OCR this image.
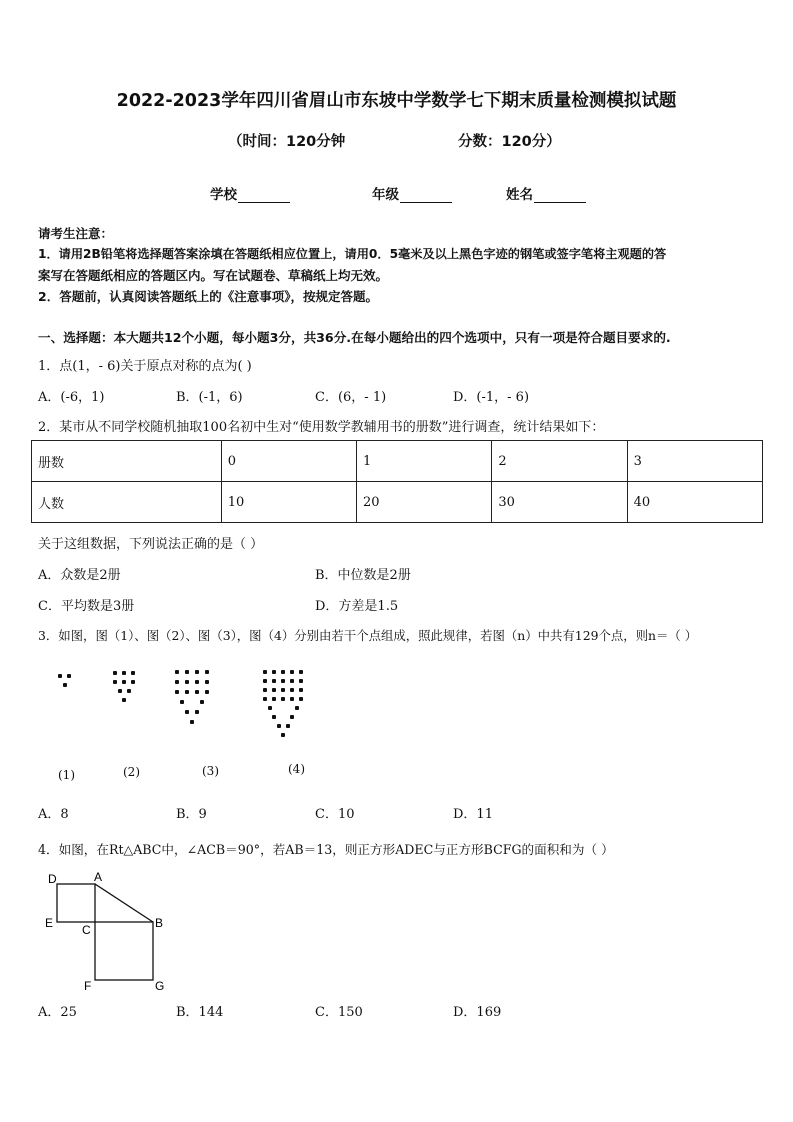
2022-2023学年四川省眉山市东坡中学数学七下期末质量检测模拟试题
（时间：120分钟	分数：120分）
学校	年级	姓名
请考生注意：
1．请用2B铅笔将选择题答案涂填在答题纸相应位置上，请用0．5毫米及以上黑色字迹的钢笔或签字笔将主观题的答
案写在答题纸相应的答题区内。写在试题卷、草稿纸上均无效。
2．答题前，认真阅读答题纸上的《注意事项》，按规定答题。
一、选择题：本大题共12个小题，每小题3分，共36分.在每小题给出的四个选项中，只有一项是符合题目要求的.
1．点(1，- 6)关于原点对称的点为( )
A．(-6，1)	B．(-1，6)	C．(6，- 1)	D．(-1，- 6)
2．某市从不同学校随机抽取100名初中生对“使用数学教辅用书的册数”进行调查，统计结果如下：
册数	0	1	2	3
人数	10	20	30	40
关于这组数据，下列说法正确的是（ ）
A．众数是2册	B．中位数是2册
C．平均数是3册	D．方差是1.5
3．如图，图（1）、图（2）、图（3），图（4）分别由若干个点组成，照此规律，若图（n）中共有129个点，则n＝（ ）
(1)	(2)	(3)	(4)
A．8	B．9	C．10	D．11
4．如图，在Rt△ABC中，∠ACB＝90°，若AB＝13，则正方形ADEC与正方形BCFG的面积和为（ ）
D	A
E C	B
F	G
A．25	B．144	C．150	D．169
